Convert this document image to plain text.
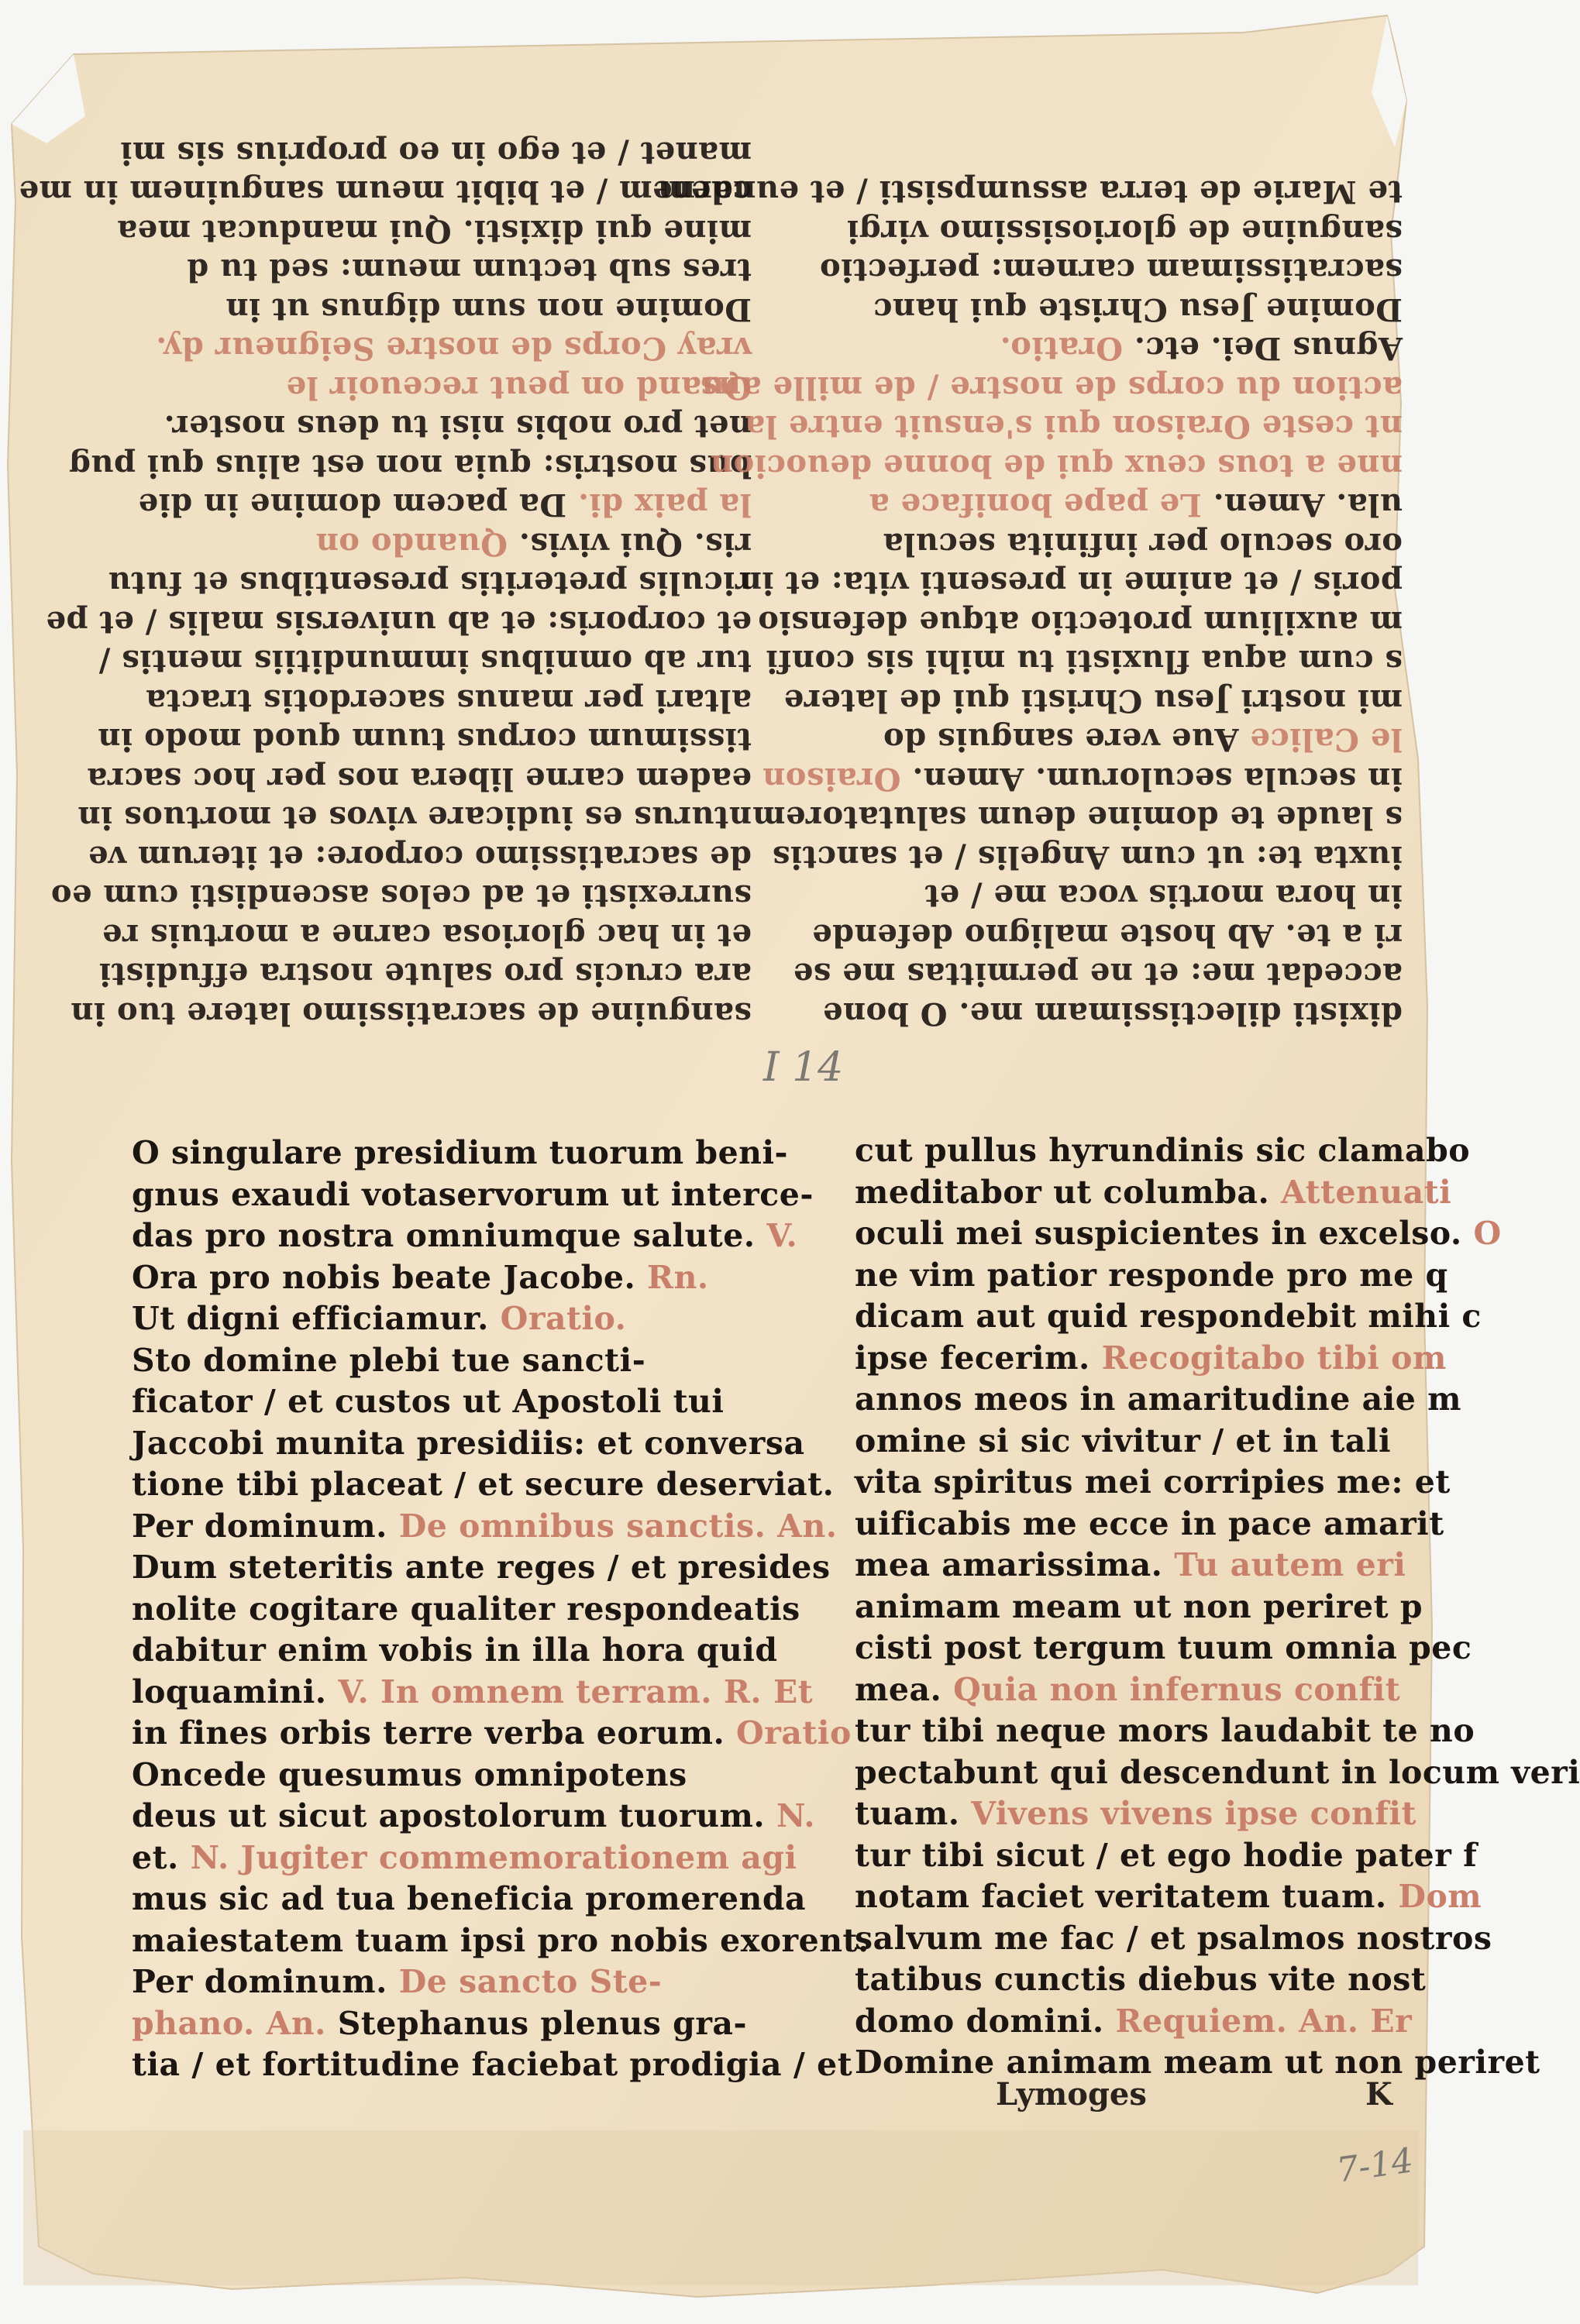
sanguine de sacratissimo latere tuo in
ara crucis pro salute nostra effudisti
et in hac gloriosa carne a mortuis re
surrexisti et ad celos ascendisti cum eo
de sacratissimo corpore: et iterum ve
nturus es iudicare vivos et mortuos in
eadem carne libera nos per hoc sacra
tissimum corpus tuum quod modo in
altari per manus sacerdotis tracta
tur ab omnibus immunditiis mentis /
et corporis: et ab universis malis / et pe
riculis preteritis presentibus et futu
ris. Qui vivis. Quando on
la paix di. Da pacem domine in die
bus nostris: quia non est alius qui pug
net pro nobis nisi tu deus noster.
Quand on peut receuoir le
vray Corps de nostre Seigneur dy.
Domine non sum dignus ut in
tres sub tectum meum: sed tu d
mine qui dixisti. Qui manducat mea
carnem / et bibit meum sanguinem in me
manet / et ego in eo proprius sis mi
dixisti dilectissimam me. O bone
accedat me: et ne permittas me se
ri a te. Ab hoste maligno defende
in hora mortis voca me / et
iuxta te: ut cum Angelis / et sanctis
s laude te domine deum salutatorem
in secula seculorum. Amen. Oraison
le Calice Aue vere sanguis do
mi nostri Jesu Christi qui de latere
s cum aqua fluxisti tu mihi sis confi
m auxilium protectio atque defensio
poris / et anime in presenti vita: et in
oro seculo per infinita secula
ula. Amen. Le pape boniface a
nne a tous ceux qui de bonne deuocion
nt ceste Oraison qui s'ensuit entre la
action du corps de nostre / de mille ans
Agnus Dei. etc. Oratio.
Domine Jesu Christe qui hanc
sacratissimam carnem: perfectio
sanguine de gloriosissimo virgi
te Marie de terra assumpsisti / et eundem
I 14
O singulare presidium tuorum beni-
gnus exaudi votaservorum ut interce-
das pro nostra omniumque salute. V.
Ora pro nobis beate Jacobe. Rn.
Ut digni efficiamur. Oratio.
Sto domine plebi tue sancti-
ficator / et custos ut Apostoli tui
Jaccobi munita presidiis: et conversa
tione tibi placeat / et secure deserviat.
Per dominum. De omnibus sanctis. An.
Dum steteritis ante reges / et presides
nolite cogitare qualiter respondeatis
dabitur enim vobis in illa hora quid
loquamini. V. In omnem terram. R. Et
in fines orbis terre verba eorum. Oratio
Oncede quesumus omnipotens
deus ut sicut apostolorum tuorum. N.
et. N. Jugiter commemorationem agi
mus sic ad tua beneficia promerenda
maiestatem tuam ipsi pro nobis exorent.
Per dominum. De sancto Ste-
phano. An. Stephanus plenus gra-
tia / et fortitudine faciebat prodigia / et
cut pullus hyrundinis sic clamabo
meditabor ut columba. Attenuati
oculi mei suspicientes in excelso. O
ne vim patior responde pro me q
dicam aut quid respondebit mihi c
ipse fecerim. Recogitabo tibi om
annos meos in amaritudine aie m
omine si sic vivitur / et in tali
vita spiritus mei corripies me: et
uificabis me ecce in pace amarit
mea amarissima. Tu autem eri
animam meam ut non periret p
cisti post tergum tuum omnia pec
mea. Quia non infernus confit
tur tibi neque mors laudabit te no
pectabunt qui descendunt in locum veri
tuam. Vivens vivens ipse confit
tur tibi sicut / et ego hodie pater f
notam faciet veritatem tuam. Dom
salvum me fac / et psalmos nostros
tatibus cunctis diebus vite nost
domo domini. Requiem. An. Er
Domine animam meam ut non periret
Lymoges	K
7-14
